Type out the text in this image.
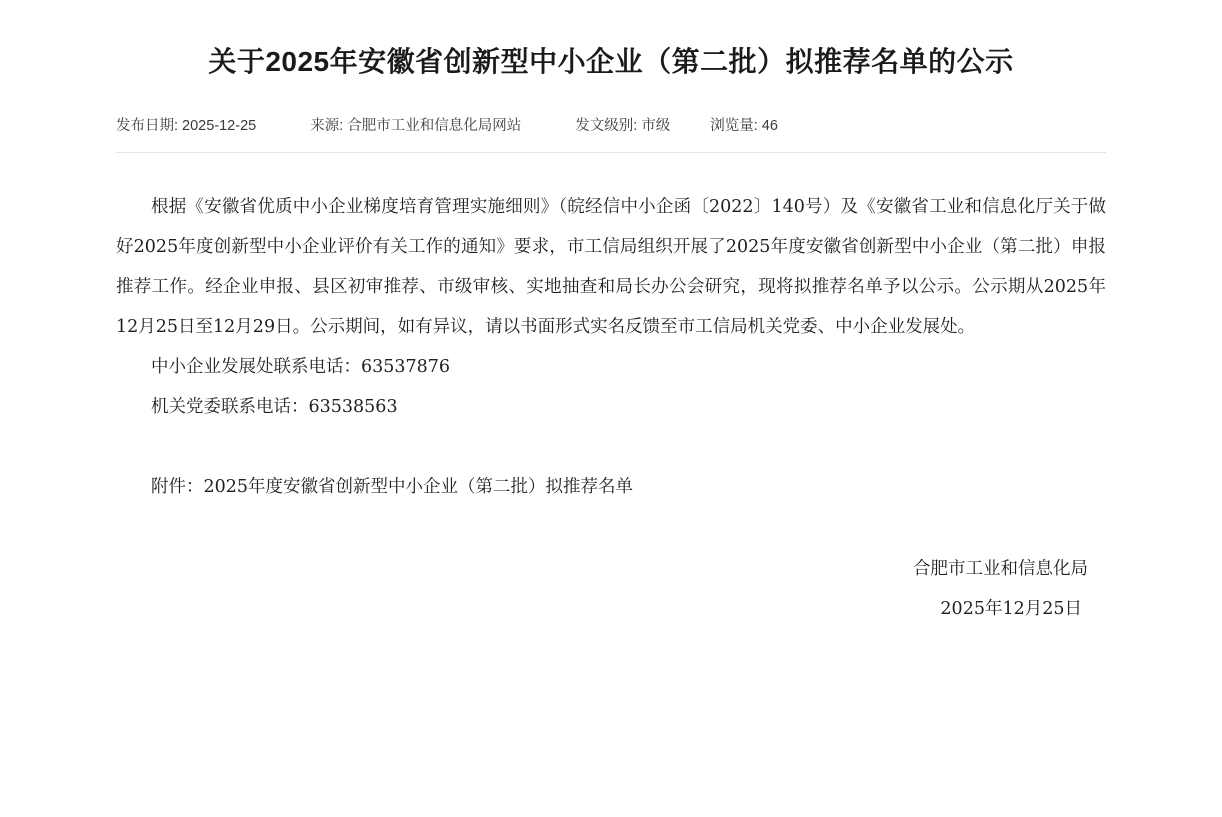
关于2025年安徽省创新型中小企业（第二批）拟推荐名单的公示
发布日期: 2025-12-25	来源: 合肥市工业和信息化局网站	发文级别: 市级	浏览量: 46

根据《安徽省优质中小企业梯度培育管理实施细则》（皖经信中小企函〔2022〕140号）及《安徽省工业和信息化厅关于做好2025年度创新型中小企业评价有关工作的通知》要求，市工信局组织开展了2025年度安徽省创新型中小企业（第二批）申报推荐工作。经企业申报、县区初审推荐、市级审核、实地抽查和局长办公会研究，现将拟推荐名单予以公示。公示期从2025年12月25日至12月29日。公示期间，如有异议，请以书面形式实名反馈至市工信局机关党委、中小企业发展处。

中小企业发展处联系电话：63537876

机关党委联系电话：63538563

附件：2025年度安徽省创新型中小企业（第二批）拟推荐名单

合肥市工业和信息化局
2025年12月25日
